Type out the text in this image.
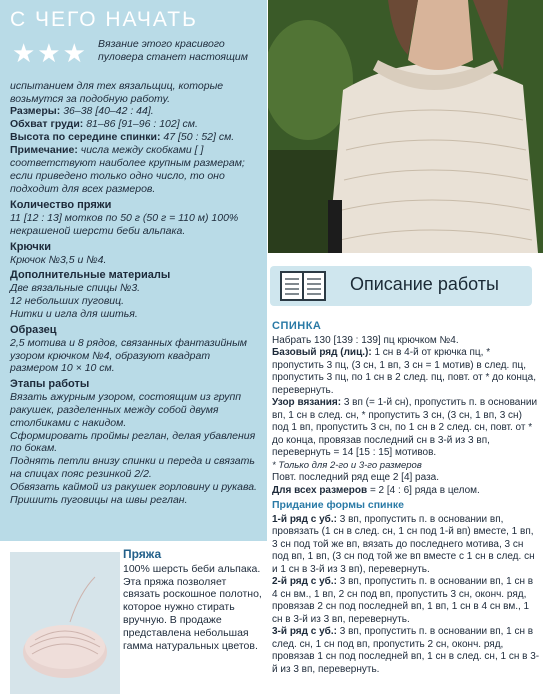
С ЧЕГО НАЧАТЬ
★★★ Вязание этого красивого пуловера станет настоящим
испытанием для тех вязальщиц, которые возьмутся за подобную работу.
Размеры: 36–38 [40–42 : 44].
Обхват груди: 81–86 [91–96 : 102] см.
Высота по середине спинки: 47 [50 : 52] см.
Примечание: числа между скобками [ ] соответствуют наиболее крупным размерам; если приведено только одно число, то оно подходит для всех размеров.
Количество пряжи
11 [12 : 13] мотков по 50 г (50 г = 110 м) 100% некрашеной шерсти беби альпака.
Крючки
Крючок №3,5 и №4.
Дополнительные материалы
Две вязальные спицы №3.
12 небольших пуговиц.
Нитки и игла для шитья.
Образец
2,5 мотива и 8 рядов, связанных фантазийным узором крючком №4, образуют квадрат размером 10 × 10 см.
Этапы работы
Вязать ажурным узором, состоящим из групп ракушек, разделенных между собой двумя столбиками с накидом.
Сформировать проймы реглан, делая убавления по бокам.
Поднять петли внизу спинки и переда и связать на спицах пояс резинкой 2/2.
Обвязать каймой из ракушек горловину и рукава.
Пришить пуговицы на швы реглан.
Пряжа
100% шерсть беби альпака. Эта пряжа позволяет связать роскошное полотно, которое нужно стирать вручную. В продаже представлена небольшая гамма натуральных цветов.
Описание работы
СПИНКА

Набрать 130 [139 : 139] пц крючком №4.

Базовый ряд (лиц.): 1 сн в 4-й от крючка пц, * пропустить 3 пц, (3 сн, 1 вп, 3 сн = 1 мотив) в след. пц, пропустить 3 пц, по 1 сн в 2 след. пц, повт. от * до конца, перевернуть.

Узор вязания: 3 вп (= 1-й сн), пропустить п. в основании вп, 1 сн в след. сн, * пропустить 3 сн, (3 сн, 1 вп, 3 сн) под 1 вп, пропустить 3 сн, по 1 сн в 2 след. сн, повт. от * до конца, провязав последний сн в 3-й из 3 вп, перевернуть = 14 [15 : 15] мотивов.

* Только для 2-го и 3-го размеров

Повт. последний ряд еще 2 [4] раза.

Для всех размеров = 2 [4 : 6] ряда в целом.

Придание формы спинке

1-й ряд с уб.: 3 вп, пропустить п. в основании вп, провязать (1 сн в след. сн, 1 сн под 1-й вп) вместе, 1 вп, 3 сн под той же вп, вязать до последнего мотива, 3 сн под вп, 1 вп, (3 сн под той же вп вместе с 1 сн в след. сн и 1 сн в 3-й из 3 вп), перевернуть.

2-й ряд с уб.: 3 вп, пропустить п. в основании вп, 1 сн в 4 сн вм., 1 вп, 2 сн под вп, пропустить 3 сн, оконч. ряд, провязав 2 сн под последней вп, 1 вп, 1 сн в 4 сн вм., 1 сн в 3-й из 3 вп, перевернуть.

3-й ряд с уб.: 3 вп, пропустить п. в основании вп, 1 сн в след. сн, 1 сн под вп, пропустить 2 сн, оконч. ряд, провязав 1 сн под последней вп, 1 сн в след. сн, 1 сн в 3-й из 3 вп, перевернуть.
